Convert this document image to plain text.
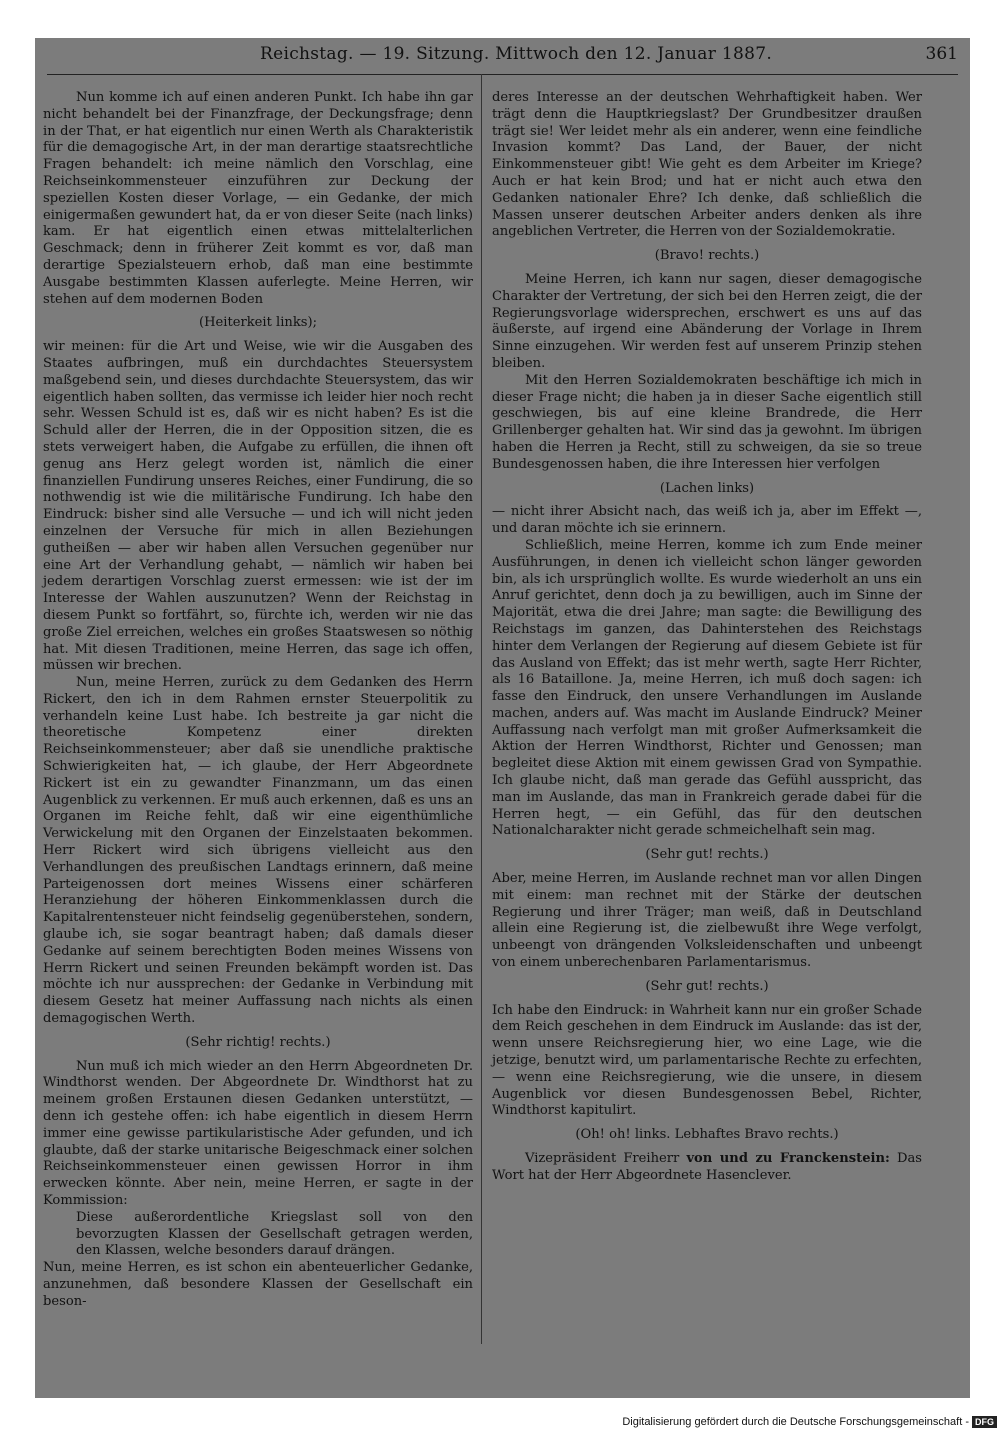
Reichstag. — 19. Sitzung. Mittwoch den 12. Januar 1887.	361

Nun komme ich auf einen anderen Punkt. Ich habe ihn gar nicht behandelt bei der Finanzfrage, der Deckungsfrage; denn in der That, er hat eigentlich nur einen Werth als Charakteristik für die demagogische Art, in der man derartige staatsrechtliche Fragen behandelt: ich meine nämlich den Vorschlag, eine Reichseinkommensteuer einzuführen zur Deckung der speziellen Kosten dieser Vorlage, — ein Gedanke, der mich einigermaßen gewundert hat, da er von dieser Seite (nach links) kam. Er hat eigentlich einen etwas mittelalterlichen Geschmack; denn in früherer Zeit kommt es vor, daß man derartige Spezialsteuern erhob, daß man eine bestimmte Ausgabe bestimmten Klassen auferlegte. Meine Herren, wir stehen auf dem modernen Boden

(Heiterkeit links);

wir meinen: für die Art und Weise, wie wir die Ausgaben des Staates aufbringen, muß ein durchdachtes Steuersystem maßgebend sein, und dieses durchdachte Steuersystem, das wir eigentlich haben sollten, das vermisse ich leider hier noch recht sehr. Wessen Schuld ist es, daß wir es nicht haben? Es ist die Schuld aller der Herren, die in der Opposition sitzen, die es stets verweigert haben, die Aufgabe zu erfüllen, die ihnen oft genug ans Herz gelegt worden ist, nämlich die einer finanziellen Fundirung unseres Reiches, einer Fundirung, die so nothwendig ist wie die militärische Fundirung. Ich habe den Eindruck: bisher sind alle Versuche — und ich will nicht jeden einzelnen der Versuche für mich in allen Beziehungen gutheißen — aber wir haben allen Versuchen gegenüber nur eine Art der Verhandlung gehabt, — nämlich wir haben bei jedem derartigen Vorschlag zuerst ermessen: wie ist der im Interesse der Wahlen auszunutzen? Wenn der Reichstag in diesem Punkt so fortfährt, so, fürchte ich, werden wir nie das große Ziel erreichen, welches ein großes Staatswesen so nöthig hat. Mit diesen Traditionen, meine Herren, das sage ich offen, müssen wir brechen.

Nun, meine Herren, zurück zu dem Gedanken des Herrn Rickert, den ich in dem Rahmen ernster Steuerpolitik zu verhandeln keine Lust habe. Ich bestreite ja gar nicht die theoretische Kompetenz einer direkten Reichseinkommensteuer; aber daß sie unendliche praktische Schwierigkeiten hat, — ich glaube, der Herr Abgeordnete Rickert ist ein zu gewandter Finanzmann, um das einen Augenblick zu verkennen. Er muß auch erkennen, daß es uns an Organen im Reiche fehlt, daß wir eine eigenthümliche Verwickelung mit den Organen der Einzelstaaten bekommen. Herr Rickert wird sich übrigens vielleicht aus den Verhandlungen des preußischen Landtags erinnern, daß meine Parteigenossen dort meines Wissens einer schärferen Heranziehung der höheren Einkommenklassen durch die Kapitalrentensteuer nicht feindselig gegenüberstehen, sondern, glaube ich, sie sogar beantragt haben; daß damals dieser Gedanke auf seinem berechtigten Boden meines Wissens von Herrn Rickert und seinen Freunden bekämpft worden ist. Das möchte ich nur aussprechen: der Gedanke in Verbindung mit diesem Gesetz hat meiner Auffassung nach nichts als einen demagogischen Werth.

(Sehr richtig! rechts.)

Nun muß ich mich wieder an den Herrn Abgeordneten Dr. Windthorst wenden. Der Abgeordnete Dr. Windthorst hat zu meinem großen Erstaunen diesen Gedanken unterstützt, — denn ich gestehe offen: ich habe eigentlich in diesem Herrn immer eine gewisse partikularistische Ader gefunden, und ich glaubte, daß der starke unitarische Beigeschmack einer solchen Reichseinkommensteuer einen gewissen Horror in ihm erwecken könnte. Aber nein, meine Herren, er sagte in der Kommission:

Diese außerordentliche Kriegslast soll von den bevorzugten Klassen der Gesellschaft getragen werden, den Klassen, welche besonders darauf drängen.

Nun, meine Herren, es ist schon ein abenteuerlicher Gedanke, anzunehmen, daß besondere Klassen der Gesellschaft ein beson-

deres Interesse an der deutschen Wehrhaftigkeit haben. Wer trägt denn die Hauptkriegslast? Der Grundbesitzer draußen trägt sie! Wer leidet mehr als ein anderer, wenn eine feindliche Invasion kommt? Das Land, der Bauer, der nicht Einkommensteuer gibt! Wie geht es dem Arbeiter im Kriege? Auch er hat kein Brod; und hat er nicht auch etwa den Gedanken nationaler Ehre? Ich denke, daß schließlich die Massen unserer deutschen Arbeiter anders denken als ihre angeblichen Vertreter, die Herren von der Sozialdemokratie.

(Bravo! rechts.)

Meine Herren, ich kann nur sagen, dieser demagogische Charakter der Vertretung, der sich bei den Herren zeigt, die der Regierungsvorlage widersprechen, erschwert es uns auf das äußerste, auf irgend eine Abänderung der Vorlage in Ihrem Sinne einzugehen. Wir werden fest auf unserem Prinzip stehen bleiben.

Mit den Herren Sozialdemokraten beschäftige ich mich in dieser Frage nicht; die haben ja in dieser Sache eigentlich still geschwiegen, bis auf eine kleine Brandrede, die Herr Grillenberger gehalten hat. Wir sind das ja gewohnt. Im übrigen haben die Herren ja Recht, still zu schweigen, da sie so treue Bundesgenossen haben, die ihre Interessen hier verfolgen

(Lachen links)

— nicht ihrer Absicht nach, das weiß ich ja, aber im Effekt —, und daran möchte ich sie erinnern.

Schließlich, meine Herren, komme ich zum Ende meiner Ausführungen, in denen ich vielleicht schon länger geworden bin, als ich ursprünglich wollte. Es wurde wiederholt an uns ein Anruf gerichtet, denn doch ja zu bewilligen, auch im Sinne der Majorität, etwa die drei Jahre; man sagte: die Bewilligung des Reichstags im ganzen, das Dahinterstehen des Reichstags hinter dem Verlangen der Regierung auf diesem Gebiete ist für das Ausland von Effekt; das ist mehr werth, sagte Herr Richter, als 16 Bataillone. Ja, meine Herren, ich muß doch sagen: ich fasse den Eindruck, den unsere Verhandlungen im Auslande machen, anders auf. Was macht im Auslande Eindruck? Meiner Auffassung nach verfolgt man mit großer Aufmerksamkeit die Aktion der Herren Windthorst, Richter und Genossen; man begleitet diese Aktion mit einem gewissen Grad von Sympathie. Ich glaube nicht, daß man gerade das Gefühl ausspricht, das man im Auslande, das man in Frankreich gerade dabei für die Herren hegt, — ein Gefühl, das für den deutschen Nationalcharakter nicht gerade schmeichelhaft sein mag.

(Sehr gut! rechts.)

Aber, meine Herren, im Auslande rechnet man vor allen Dingen mit einem: man rechnet mit der Stärke der deutschen Regierung und ihrer Träger; man weiß, daß in Deutschland allein eine Regierung ist, die zielbewußt ihre Wege verfolgt, unbeengt von drängenden Volksleidenschaften und unbeengt von einem unberechenbaren Parlamentarismus.

(Sehr gut! rechts.)

Ich habe den Eindruck: in Wahrheit kann nur ein großer Schade dem Reich geschehen in dem Eindruck im Auslande: das ist der, wenn unsere Reichsregierung hier, wo eine Lage, wie die jetzige, benutzt wird, um parlamentarische Rechte zu erfechten, — wenn eine Reichsregierung, wie die unsere, in diesem Augenblick vor diesen Bundesgenossen Bebel, Richter, Windthorst kapitulirt.

(Oh! oh! links. Lebhaftes Bravo rechts.)

Vizepräsident Freiherr von und zu Franckenstein: Das Wort hat der Herr Abgeordnete Hasenclever.

Digitalisierung gefördert durch die Deutsche Forschungsgemeinschaft - DFG
